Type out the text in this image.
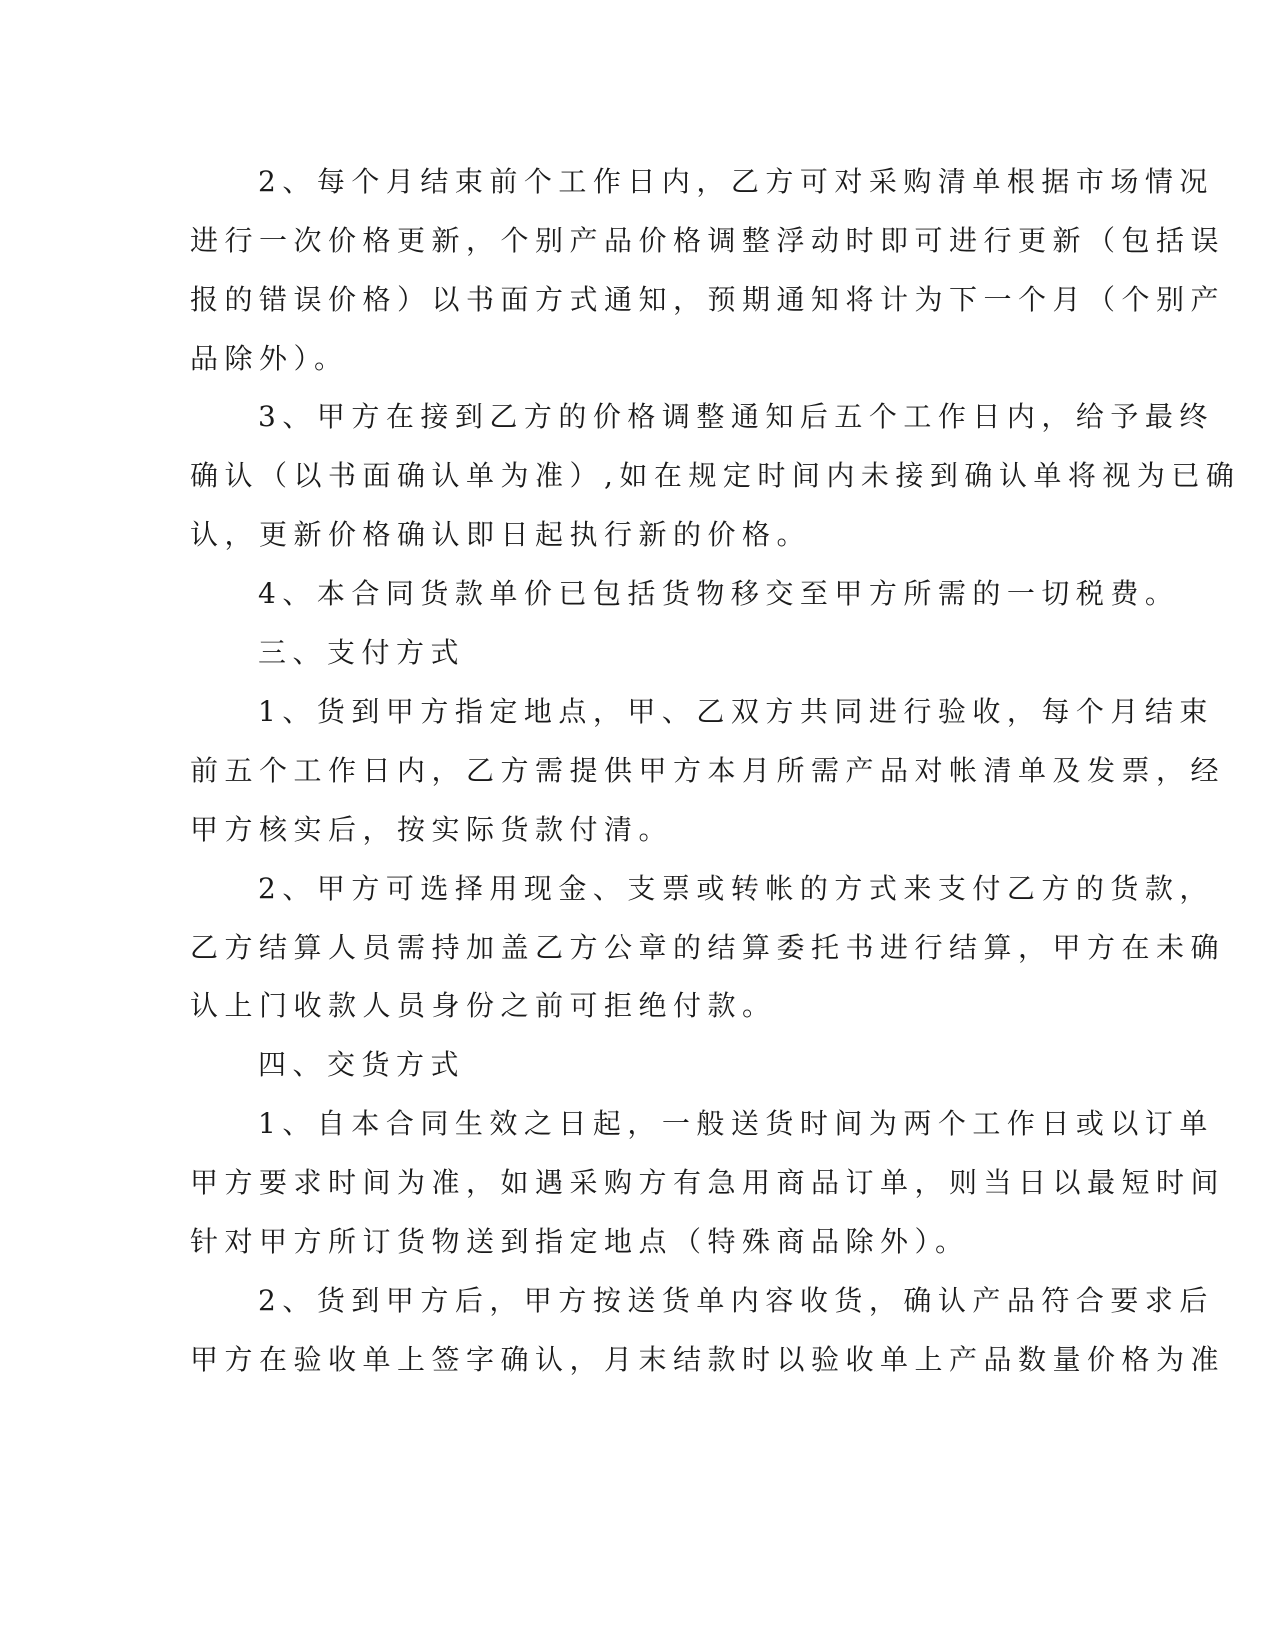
2、每个月结束前个工作日内，乙方可对采购清单根据市场情况
进行一次价格更新，个别产品价格调整浮动时即可进行更新（包括误
报的错误价格）以书面方式通知，预期通知将计为下一个月（个别产
品除外）。
3、甲方在接到乙方的价格调整通知后五个工作日内，给予最终
确认（以书面确认单为准）,如在规定时间内未接到确认单将视为已确
认，更新价格确认即日起执行新的价格。
4、本合同货款单价已包括货物移交至甲方所需的一切税费。
三、支付方式
1、货到甲方指定地点，甲、乙双方共同进行验收，每个月结束
前五个工作日内，乙方需提供甲方本月所需产品对帐清单及发票，经
甲方核实后，按实际货款付清。
2、甲方可选择用现金、支票或转帐的方式来支付乙方的货款，
乙方结算人员需持加盖乙方公章的结算委托书进行结算，甲方在未确
认上门收款人员身份之前可拒绝付款。
四、交货方式
1、自本合同生效之日起，一般送货时间为两个工作日或以订单
甲方要求时间为准，如遇采购方有急用商品订单，则当日以最短时间
针对甲方所订货物送到指定地点（特殊商品除外）。
2、货到甲方后，甲方按送货单内容收货，确认产品符合要求后
甲方在验收单上签字确认，月末结款时以验收单上产品数量价格为准
